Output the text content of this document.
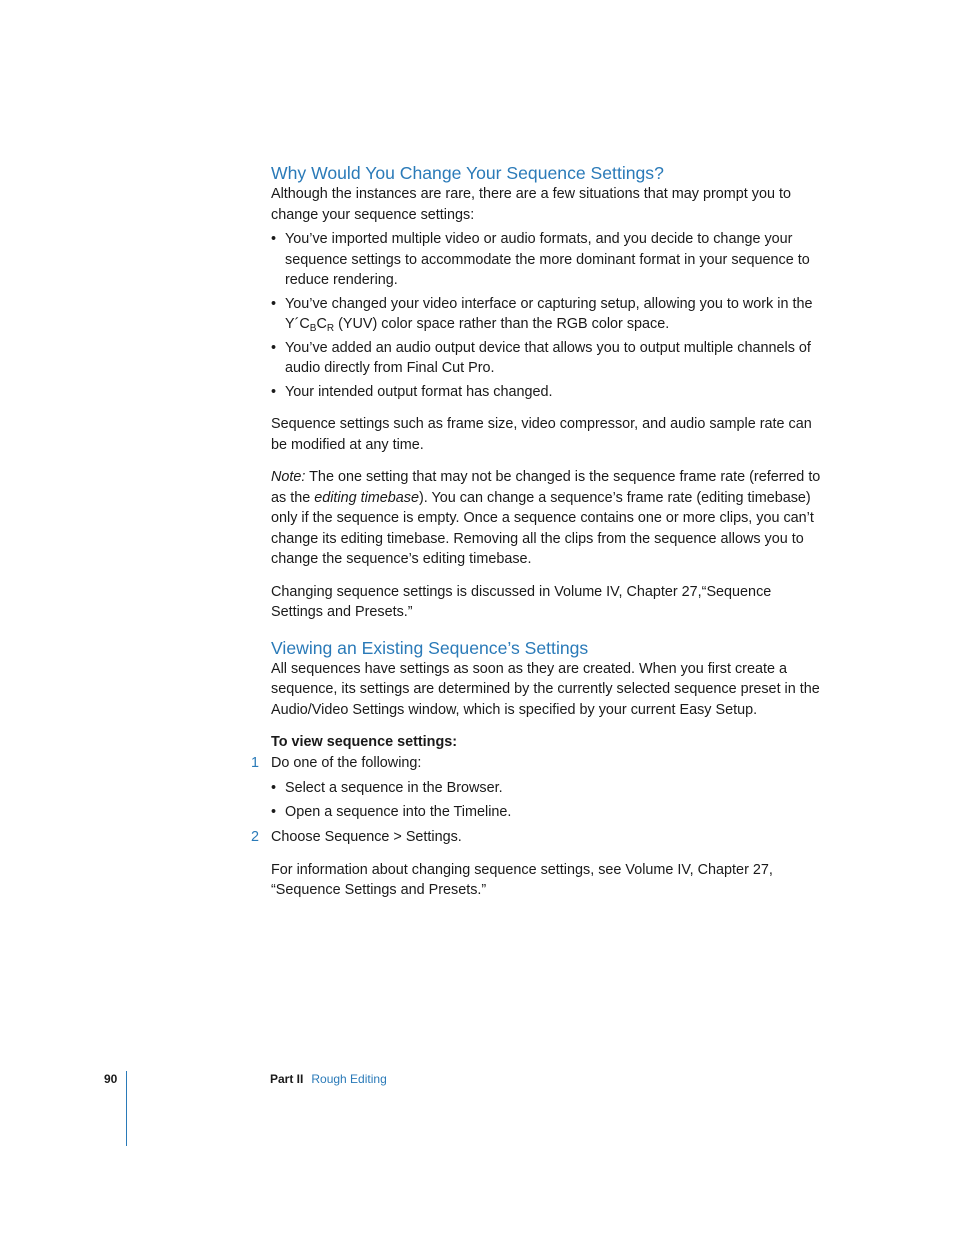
Why Would You Change Your Sequence Settings?

Although the instances are rare, there are a few situations that may prompt you to change your sequence settings:

• You’ve imported multiple video or audio formats, and you decide to change your sequence settings to accommodate the more dominant format in your sequence to reduce rendering.
• You’ve changed your video interface or capturing setup, allowing you to work in the
$Y´C_BC_R$ (YUV) color space rather than the RGB color space.
• You’ve added an audio output device that allows you to output multiple channels of audio directly from Final Cut Pro.
• Your intended output format has changed.

Sequence settings such as frame size, video compressor, and audio sample rate can be modified at any time.

Note: The one setting that may not be changed is the sequence frame rate (referred to as the editing timebase). You can change a sequence’s frame rate (editing timebase) only if the sequence is empty. Once a sequence contains one or more clips, you can’t change its editing timebase. Removing all the clips from the sequence allows you to change the sequence’s editing timebase.

Changing sequence settings is discussed in Volume IV, Chapter 27,“Sequence Settings and Presets.”

Viewing an Existing Sequence’s Settings

All sequences have settings as soon as they are created. When you first create a sequence, its settings are determined by the currently selected sequence preset in the Audio/Video Settings window, which is specified by your current Easy Setup.

To view sequence settings:

1 Do one of the following:

• Select a sequence in the Browser.
• Open a sequence into the Timeline.
2 Choose Sequence > Settings.

For information about changing sequence settings, see Volume IV, Chapter 27, “Sequence Settings and Presets.”

90	Part II Rough Editing
